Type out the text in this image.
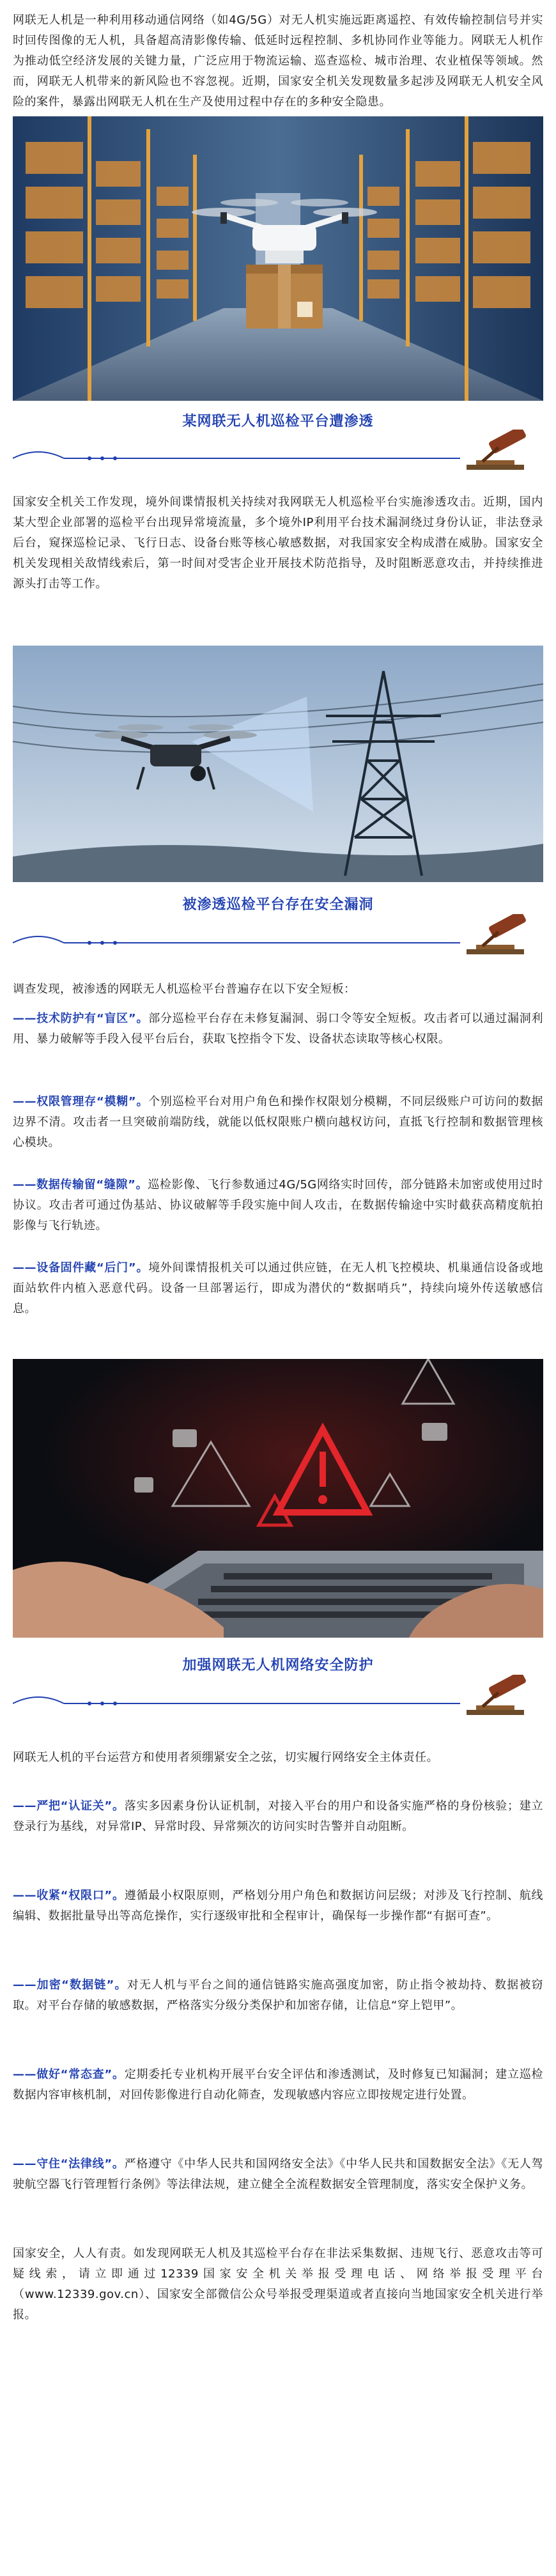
网联无人机是一种利用移动通信网络（如4G/5G）对无人机实施远距离遥控、有效传输控制信号并实时回传图像的无人机，具备超高清影像传输、低延时远程控制、多机协同作业等能力。网联无人机作为推动低空经济发展的关键力量，广泛应用于物流运输、巡查巡检、城市治理、农业植保等领域。然而，网联无人机带来的新风险也不容忽视。近期，国家安全机关发现数量多起涉及网联无人机安全风险的案件，暴露出网联无人机在生产及使用过程中存在的多种安全隐患。

某网联无人机巡检平台遭渗透

国家安全机关工作发现，境外间谍情报机关持续对我网联无人机巡检平台实施渗透攻击。近期，国内某大型企业部署的巡检平台出现异常境流量，多个境外IP利用平台技术漏洞绕过身份认证，非法登录后台，窥探巡检记录、飞行日志、设备台账等核心敏感数据，对我国家安全构成潜在威胁。国家安全机关发现相关敌情线索后，第一时间对受害企业开展技术防范指导，及时阻断恶意攻击，并持续推进源头打击等工作。

被渗透巡检平台存在安全漏洞

调查发现，被渗透的网联无人机巡检平台普遍存在以下安全短板：

——技术防护有“盲区”。部分巡检平台存在未修复漏洞、弱口令等安全短板。攻击者可以通过漏洞利用、暴力破解等手段入侵平台后台，获取飞控指令下发、设备状态读取等核心权限。

——权限管理存“模糊”。个别巡检平台对用户角色和操作权限划分模糊，不同层级账户可访问的数据边界不清。攻击者一旦突破前端防线，就能以低权限账户横向越权访问，直抵飞行控制和数据管理核心模块。

——数据传输留“缝隙”。巡检影像、飞行参数通过4G/5G网络实时回传，部分链路未加密或使用过时协议。攻击者可通过伪基站、协议破解等手段实施中间人攻击，在数据传输途中实时截获高精度航拍影像与飞行轨迹。

——设备固件藏“后门”。境外间谍情报机关可以通过供应链，在无人机飞控模块、机巢通信设备或地面站软件内植入恶意代码。设备一旦部署运行，即成为潜伏的“数据哨兵”，持续向境外传送敏感信息。

加强网联无人机网络安全防护

网联无人机的平台运营方和使用者须绷紧安全之弦，切实履行网络安全主体责任。

——严把“认证关”。落实多因素身份认证机制，对接入平台的用户和设备实施严格的身份核验；建立登录行为基线，对异常IP、异常时段、异常频次的访问实时告警并自动阻断。

——收紧“权限口”。遵循最小权限原则，严格划分用户角色和数据访问层级；对涉及飞行控制、航线编辑、数据批量导出等高危操作，实行逐级审批和全程审计，确保每一步操作都“有据可查”。

——加密“数据链”。对无人机与平台之间的通信链路实施高强度加密，防止指令被劫持、数据被窃取。对平台存储的敏感数据，严格落实分级分类保护和加密存储，让信息“穿上铠甲”。

——做好“常态查”。定期委托专业机构开展平台安全评估和渗透测试，及时修复已知漏洞；建立巡检数据内容审核机制，对回传影像进行自动化筛查，发现敏感内容应立即按规定进行处置。

——守住“法律线”。严格遵守《中华人民共和国网络安全法》《中华人民共和国数据安全法》《无人驾驶航空器飞行管理暂行条例》等法律法规，建立健全全流程数据安全管理制度，落实安全保护义务。

国家安全，人人有责。如发现网联无人机及其巡检平台存在非法采集数据、违规飞行、恶意攻击等可疑线索，请立即通过12339国家安全机关举报受理电话、网络举报受理平台（www.12339.gov.cn）、国家安全部微信公众号举报受理渠道或者直接向当地国家安全机关进行举报。
